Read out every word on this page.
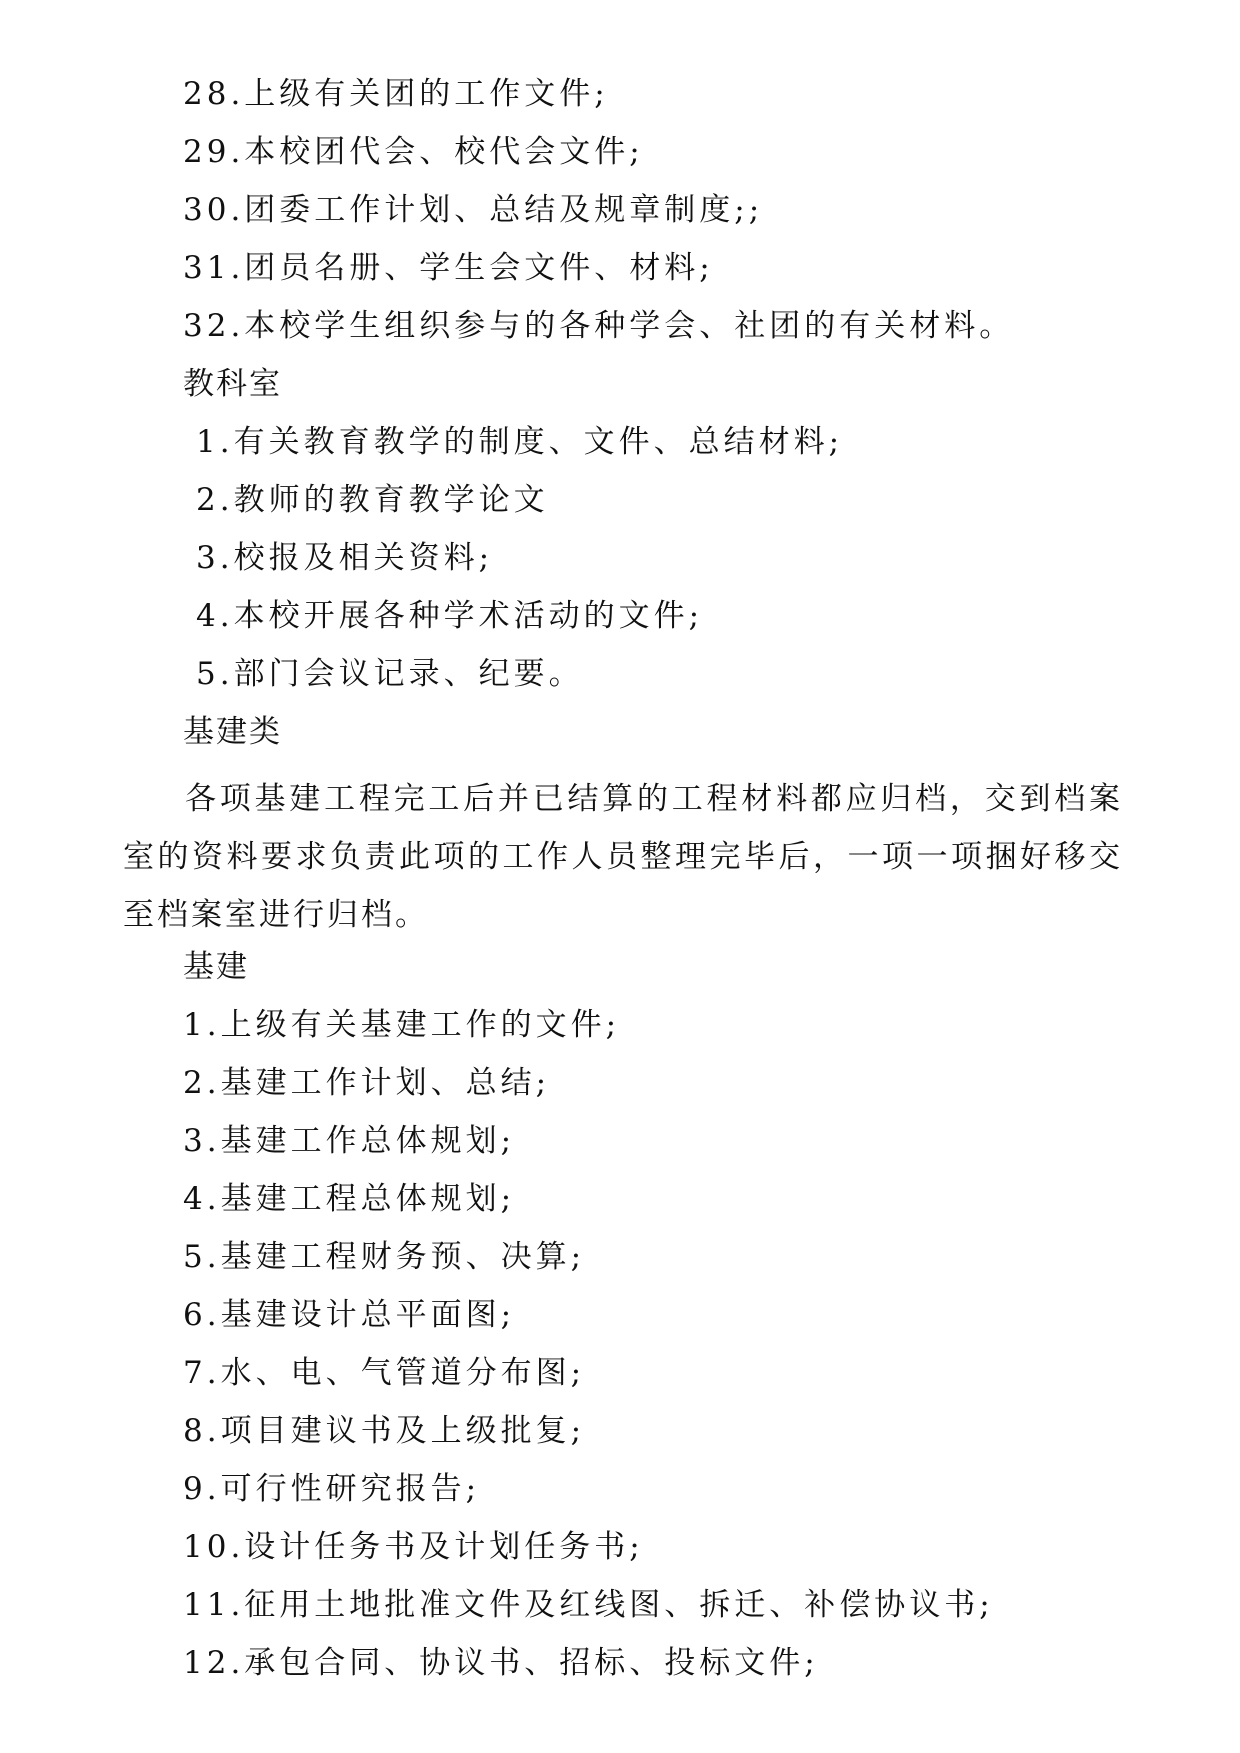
28.上级有关团的工作文件;
29.本校团代会、校代会文件;
30.团委工作计划、总结及规章制度;;
31.团员名册、学生会文件、材料;
32.本校学生组织参与的各种学会、社团的有关材料。
教科室
1.有关教育教学的制度、文件、总结材料;
2.教师的教育教学论文
3.校报及相关资料;
4.本校开展各种学术活动的文件;
5.部门会议记录、纪要。
基建类
各项基建工程完工后并已结算的工程材料都应归档，交到档案室的资料要求负责此项的工作人员整理完毕后，一项一项捆好移交至档案室进行归档。
基建
1.上级有关基建工作的文件;
2.基建工作计划、总结;
3.基建工作总体规划;
4.基建工程总体规划;
5.基建工程财务预、决算;
6.基建设计总平面图;
7.水、电、气管道分布图;
8.项目建议书及上级批复;
9.可行性研究报告;
10.设计任务书及计划任务书;
11.征用土地批准文件及红线图、拆迁、补偿协议书;
12.承包合同、协议书、招标、投标文件;
